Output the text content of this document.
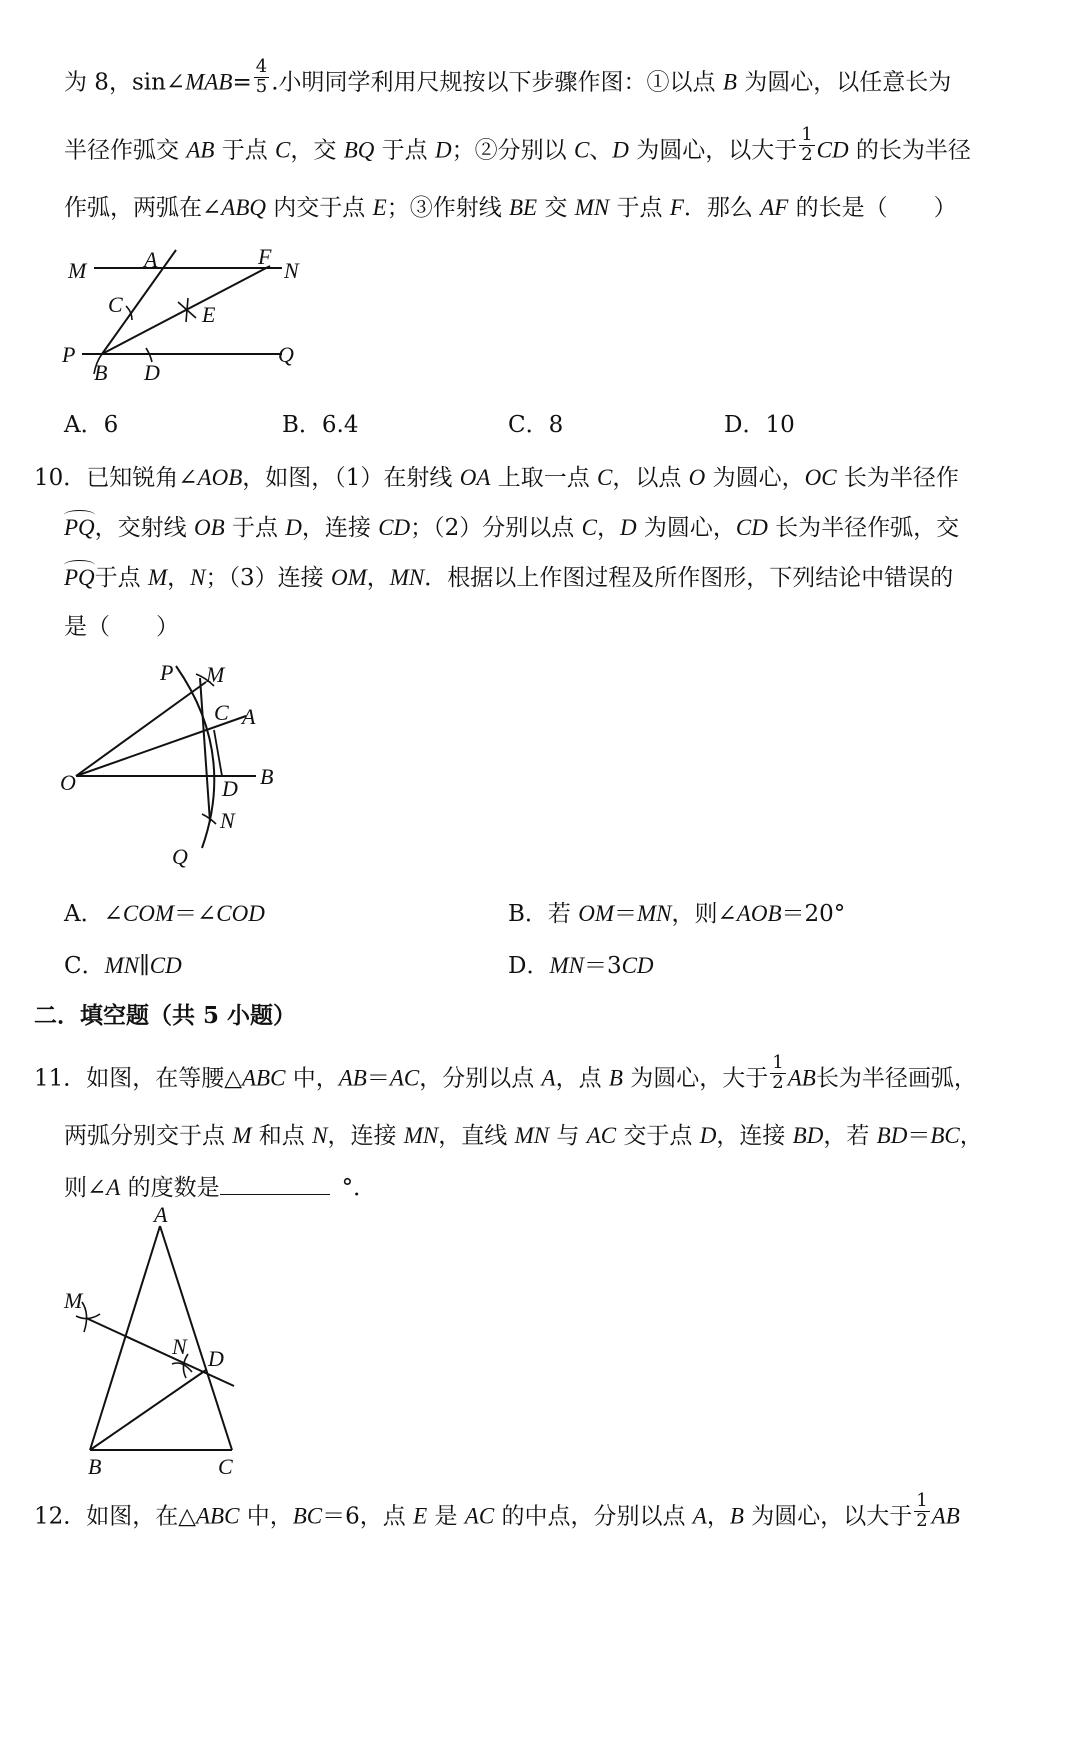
为 8，sin∠MAB= $\frac{4}{5}$ .小明同学利用尺规按以下步骤作图：①以点 B 为圆心，以任意长为
半径作弧交 AB 于点 C，交 BQ 于点 D；②分别以 C、D 为圆心，以大于 $\frac{1}{2}$ CD 的长为半径
作弧，两弧在∠ABQ 内交于点 E；③作射线 BE 交 MN 于点 F．那么 AF 的长是（　　）
M	A	F
N
C	E
P
B D
Q
A．6	B．6.4	C．8	D．10
10．已知锐角∠AOB，如图，（1）在射线 OA 上取一点 C，以点 O 为圆心，OC 长为半径作
PQ，交射线 OB 于点 D，连接 CD；（2）分别以点 C，D 为圆心，CD 长为半径作弧，交
PQ于点 M，N；（3）连接 OM，MN．根据以上作图过程及所作图形，下列结论中错误的
是（　　）
P M
C A
O	D B
N
Q
A．∠COM＝∠COD	B．若 OM＝MN，则∠AOB＝20°
C．MN∥CD	D．MN＝3CD
二．填空题（共 5 小题）
11．如图，在等腰△ABC 中，AB＝AC，分别以点 A，点 B 为圆心，大于 $\frac{1}{2}$ AB长为半径画弧，
两弧分别交于点 M 和点 N，连接 MN，直线 MN 与 AC 交于点 D，连接 BD，若 BD＝BC，
则∠A 的度数是	°．
A
M
N D
B	C
12．如图，在△ABC 中，BC＝6，点 E 是 AC 的中点，分别以点 A，B 为圆心，以大于 $\frac{1}{2}$ AB
